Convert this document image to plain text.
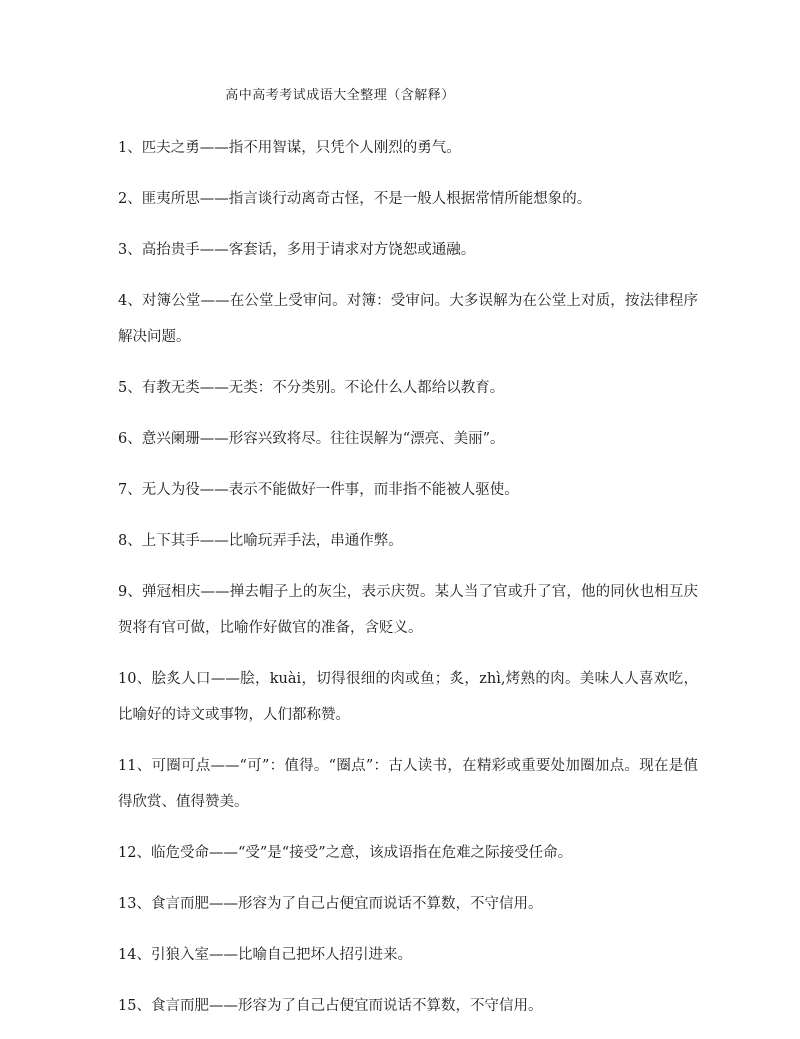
高中高考考试成语大全整理（含解释）

1、匹夫之勇——指不用智谋，只凭个人刚烈的勇气。

2、匪夷所思——指言谈行动离奇古怪，不是一般人根据常情所能想象的。

3、高抬贵手——客套话，多用于请求对方饶恕或通融。

4、对簿公堂——在公堂上受审问。对簿：受审问。大多误解为在公堂上对质，按法律程序解决问题。

5、有教无类——无类：不分类别。不论什么人都给以教育。

6、意兴阑珊——形容兴致将尽。往往误解为“漂亮、美丽”。

7、无人为役——表示不能做好一件事，而非指不能被人驱使。

8、上下其手——比喻玩弄手法，串通作弊。

9、弹冠相庆——掸去帽子上的灰尘，表示庆贺。某人当了官或升了官，他的同伙也相互庆贺将有官可做，比喻作好做官的准备，含贬义。

10、脍炙人口——脍，kuài，切得很细的肉或鱼；炙，zhì,烤熟的肉。美味人人喜欢吃，比喻好的诗文或事物，人们都称赞。

11、可圈可点——“可”：值得。“圈点”：古人读书，在精彩或重要处加圈加点。现在是值得欣赏、值得赞美。

12、临危受命——“受”是“接受”之意，该成语指在危难之际接受任命。

13、食言而肥——形容为了自己占便宜而说话不算数，不守信用。

14、引狼入室——比喻自己把坏人招引进来。

15、食言而肥——形容为了自己占便宜而说话不算数，不守信用。
